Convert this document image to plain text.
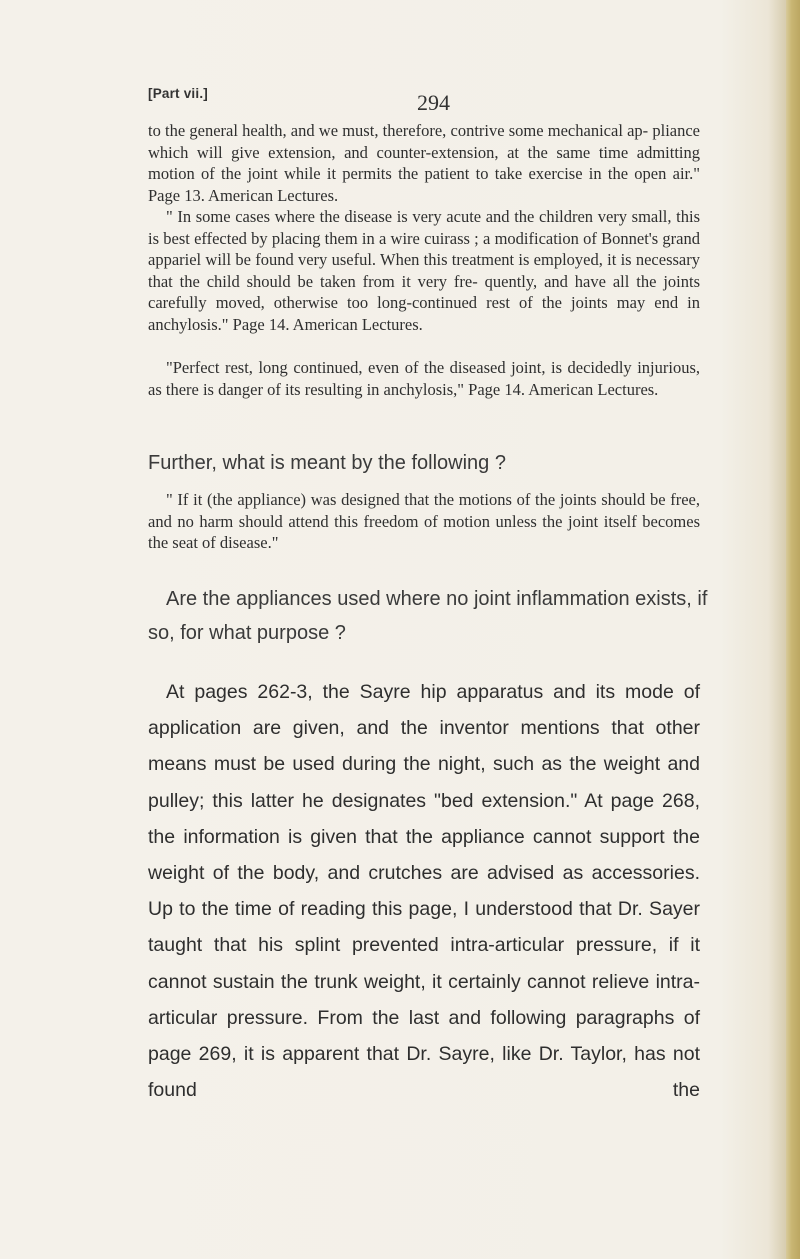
[Part vii.]	294

to the general health, and we must, therefore, contrive some mechanical ap- pliance which will give extension, and counter-extension, at the same time admitting motion of the joint while it permits the patient to take exercise in the open air." Page 13. American Lectures.

" In some cases where the disease is very acute and the children very small, this is best effected by placing them in a wire cuirass ; a modification of Bonnet's grand appariel will be found very useful. When this treatment is employed, it is necessary that the child should be taken from it very fre- quently, and have all the joints carefully moved, otherwise too long-continued rest of the joints may end in anchylosis." Page 14. American Lectures.

"Perfect rest, long continued, even of the diseased joint, is decidedly injurious, as there is danger of its resulting in anchylosis," Page 14. American Lectures.

Further, what is meant by the following ?

" If it (the appliance) was designed that the motions of the joints should be free, and no harm should attend this freedom of motion unless the joint itself becomes the seat of disease."

Are the appliances used where no joint inflammation exists, if so, for what purpose ?

At pages 262-3, the Sayre hip apparatus and its mode of application are given, and the inventor mentions that other means must be used during the night, such as the weight and pulley; this latter he designates "bed extension." At page 268, the information is given that the appliance cannot support the weight of the body, and crutches are advised as accessories. Up to the time of reading this page, I understood that Dr. Sayer taught that his splint prevented intra-articular pressure, if it cannot sustain the trunk weight, it certainly cannot relieve intra-articular pressure. From the last and following paragraphs of page 269, it is apparent that Dr. Sayre, like Dr. Taylor, has not found the
